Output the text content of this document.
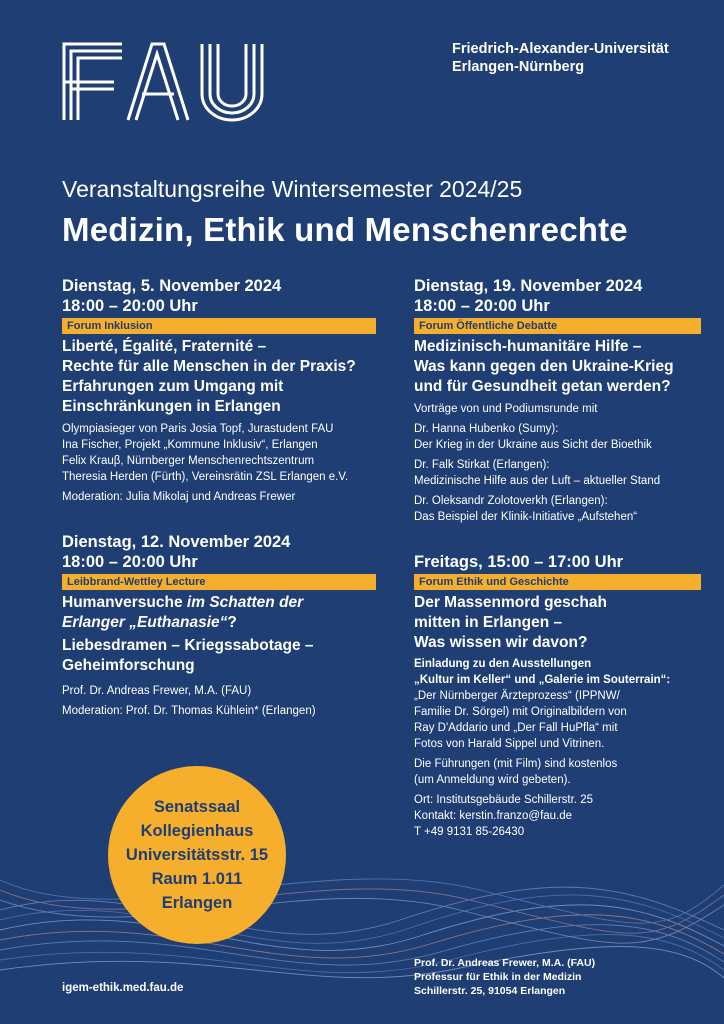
Friedrich-Alexander-Universität
Erlangen-Nürnberg
Veranstaltungsreihe Wintersemester 2024/25
Medizin, Ethik und Menschenrechte
Dienstag, 5. November 2024
18:00 – 20:00 Uhr
Forum Inklusion
Liberté, Égalité, Fraternité –
Rechte für alle Menschen in der Praxis?
Erfahrungen zum Umgang mit
Einschränkungen in Erlangen
Olympiasieger von Paris Josia Topf, Jurastudent FAU
Ina Fischer, Projekt „Kommune Inklusiv“, Erlangen
Felix Krauβ, Nürnberger Menschenrechtszentrum
Theresia Herden (Fürth), Vereinsrätin ZSL Erlangen e.V.
Moderation: Julia Mikolaj und Andreas Frewer
Dienstag, 12. November 2024
18:00 – 20:00 Uhr
Leibbrand-Wettley Lecture
Humanversuche im Schatten der
Erlanger „Euthanasie“?
Liebesdramen – Kriegssabotage –
Geheimforschung
Prof. Dr. Andreas Frewer, M.A. (FAU)
Moderation: Prof. Dr. Thomas Kühlein* (Erlangen)
Dienstag, 19. November 2024
18:00 – 20:00 Uhr
Forum Öffentliche Debatte
Medizinisch-humanitäre Hilfe –
Was kann gegen den Ukraine-Krieg
und für Gesundheit getan werden?
Vorträge von und Podiumsrunde mit
Dr. Hanna Hubenko (Sumy):
Der Krieg in der Ukraine aus Sicht der Bioethik
Dr. Falk Stirkat (Erlangen):
Medizinische Hilfe aus der Luft – aktueller Stand
Dr. Oleksandr Zolotoverkh (Erlangen):
Das Beispiel der Klinik-Initiative „Aufstehen“
Freitags, 15:00 – 17:00 Uhr
Forum Ethik und Geschichte
Der Massenmord geschah
mitten in Erlangen –
Was wissen wir davon?
Einladung zu den Ausstellungen
„Kultur im Keller“ und „Galerie im Souterrain“:
„Der Nürnberger Ärzteprozess“ (IPPNW/
Familie Dr. Sörgel) mit Originalbildern von
Ray D'Addario und „Der Fall HuPfla“ mit
Fotos von Harald Sippel und Vitrinen.
Die Führungen (mit Film) sind kostenlos
(um Anmeldung wird gebeten).
Ort: Institutsgebäude Schillerstr. 25
Kontakt: kerstin.franzo@fau.de
T +49 9131 85-26430
Senatssaal
Kollegienhaus
Universitätsstr. 15
Raum 1.011
Erlangen
igem-ethik.med.fau.de
Prof. Dr. Andreas Frewer, M.A. (FAU)
Professur für Ethik in der Medizin
Schillerstr. 25, 91054 Erlangen
